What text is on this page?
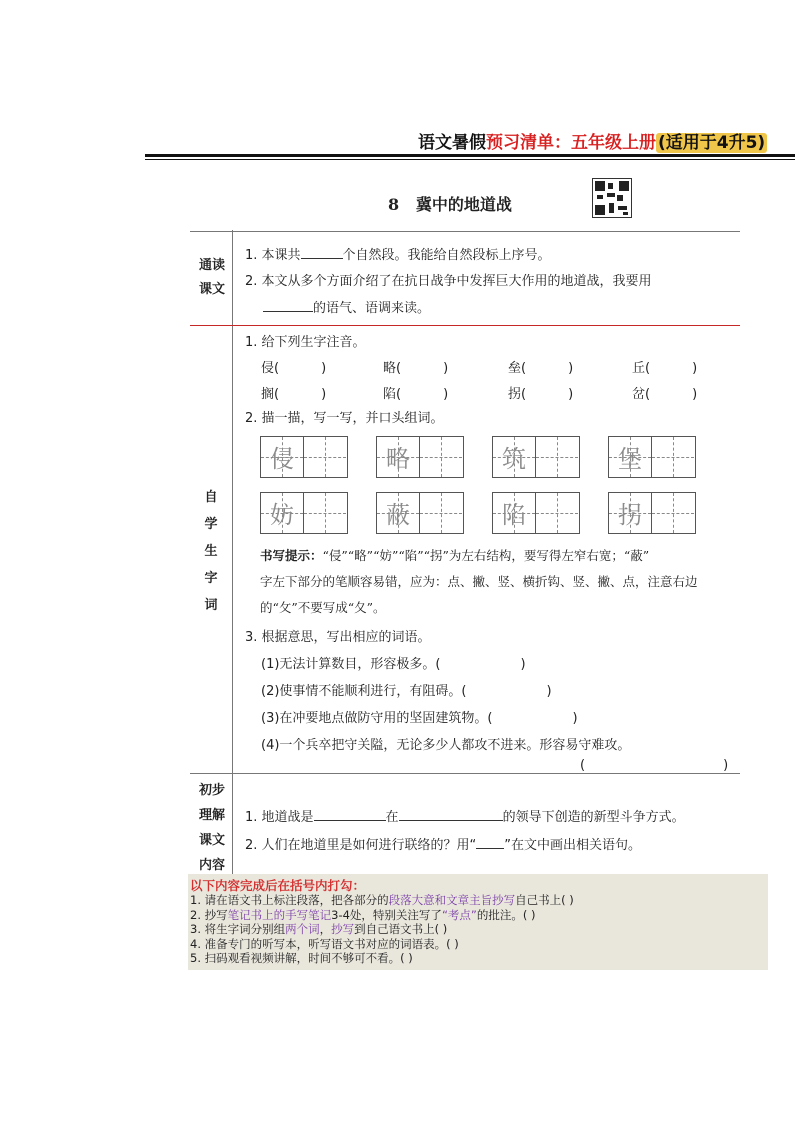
语文暑假预习清单：五年级上册 (适用于4升5)
8 冀中的地道战
通读
课文
1. 本课共	个自然段。我能给自然段标上序号。
2. 本文从多个方面介绍了在抗日战争中发挥巨大作用的地道战，我要用
的语气、语调来读。
自
学
生
字
词
1. 给下列生字注音。
侵(	)	略(	)	垒(	)	丘(	)
搁(	)	陷(	)	拐(	)	岔(	)
2. 描一描，写一写，并口头组词。
侵	略	筑	堡
妨	蔽	陷	拐
书写提示：“侵”“略”“妨”“陷”“拐”为左右结构，要写得左窄右宽；“蔽”
字左下部分的笔顺容易错，应为：点、撇、竖、横折钩、竖、撇、点，注意右边
的“攵”不要写成“夂”。
3. 根据意思，写出相应的词语。
(1)无法计算数目，形容极多。(	)
(2)使事情不能顺利进行，有阻碍。(	)
(3)在冲要地点做防守用的坚固建筑物。(	)
(4)一个兵卒把守关隘，无论多少人都攻不进来。形容易守难攻。
(	)
初步
理解
课文
内容
1. 地道战是	在	的领导下创造的新型斗争方式。
2. 人们在地道里是如何进行联络的？用“ ”在文中画出相关语句。
以下内容完成后在括号内打勾：
1. 请在语文书上标注段落，把各部分的段落大意和文章主旨抄写自己书上( )
2. 抄写笔记书上的手写笔记3-4处，特别关注写了“考点”的批注。( )
3. 将生字词分别组两个词，抄写到自己语文书上( )
4. 准备专门的听写本，听写语文书对应的词语表。( )
5. 扫码观看视频讲解，时间不够可不看。( )
